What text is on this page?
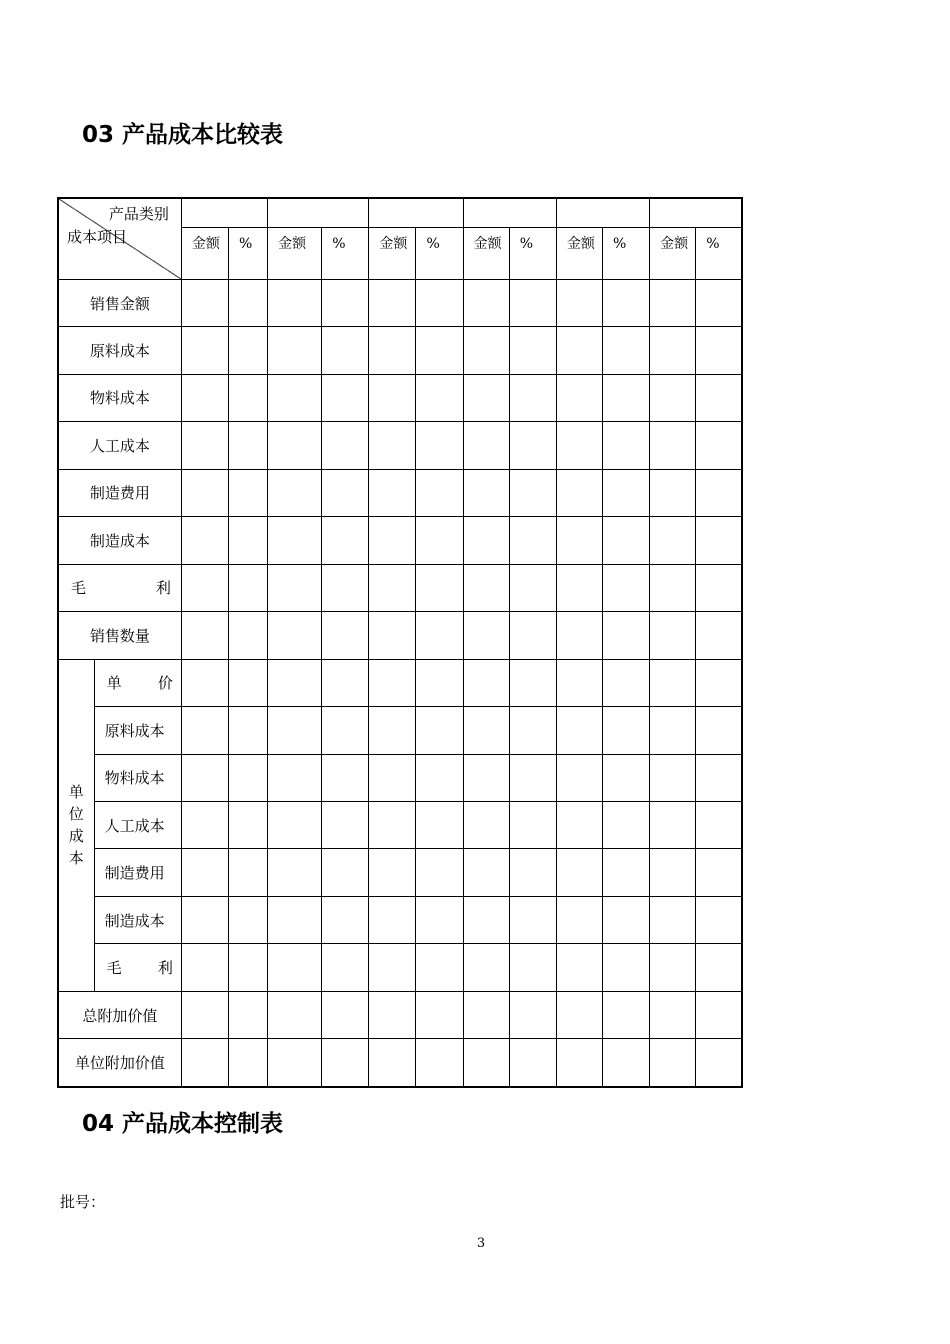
03 产品成本比较表
产品类别
成本项目													

		金额	%	金额	%	金额	%	金额	%	金额	%	金额	%
销售金额													
原料成本													
物料成本													
人工成本													
制造费用													
制造成本													
毛　利													
销售数量													

单
位
成
本	单　价												
	原料成本												
	物料成本												
	人工成本												
	制造费用												
	制造成本												
	毛　利												
总附加价值													
单位附加价值													
04 产品成本控制表
批号：
3
